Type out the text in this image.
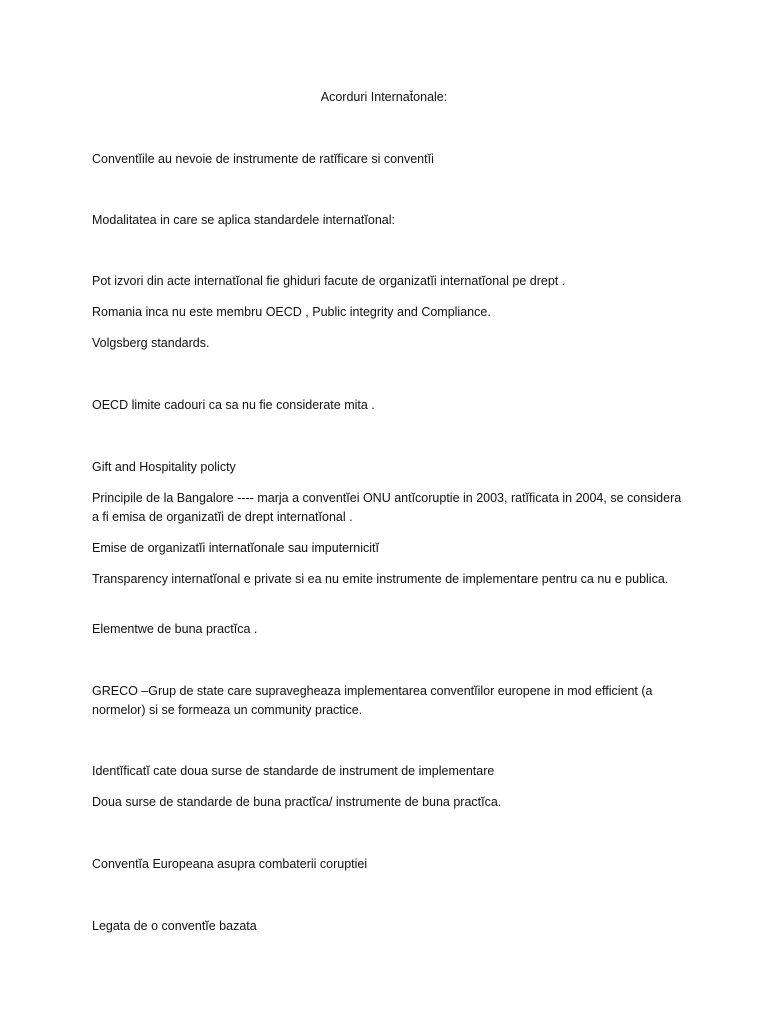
Acorduri Internat̆onale:
Conventĭile au nevoie de instrumente de ratĭficare si conventĭi
Modalitatea in care se aplica standardele internatĭonal:
Pot izvori din acte internatĭonal fie ghiduri facute de organizatĭi internatĭonal pe drept .
Romania inca nu este membru OECD , Public integrity and Compliance.
Volgsberg standards.
OECD limite cadouri ca sa nu fie considerate mita .
Gift and Hospitality policty
Principile de la Bangalore ---- marja a conventĭei ONU antĭcoruptie in 2003, ratĭficata in 2004, se considera a fi emisa de organizatĭi de drept internatĭonal .
Emise de organizatĭi internatĭonale sau imputernicitĭ
Transparency internatĭonal e private si ea nu emite instrumente de implementare pentru ca nu e publica.
Elementwe de buna practĭca .
GRECO –Grup de state care supravegheaza implementarea conventĭilor europene in mod efficient (a normelor) si se formeaza un community practice.
Identĭficatĭ cate doua surse de standarde de instrument de implementare
Doua surse de standarde de buna practĭca/ instrumente de buna practĭca.
Conventĭa Europeana asupra combaterii coruptiei
Legata de o conventĭe bazata
